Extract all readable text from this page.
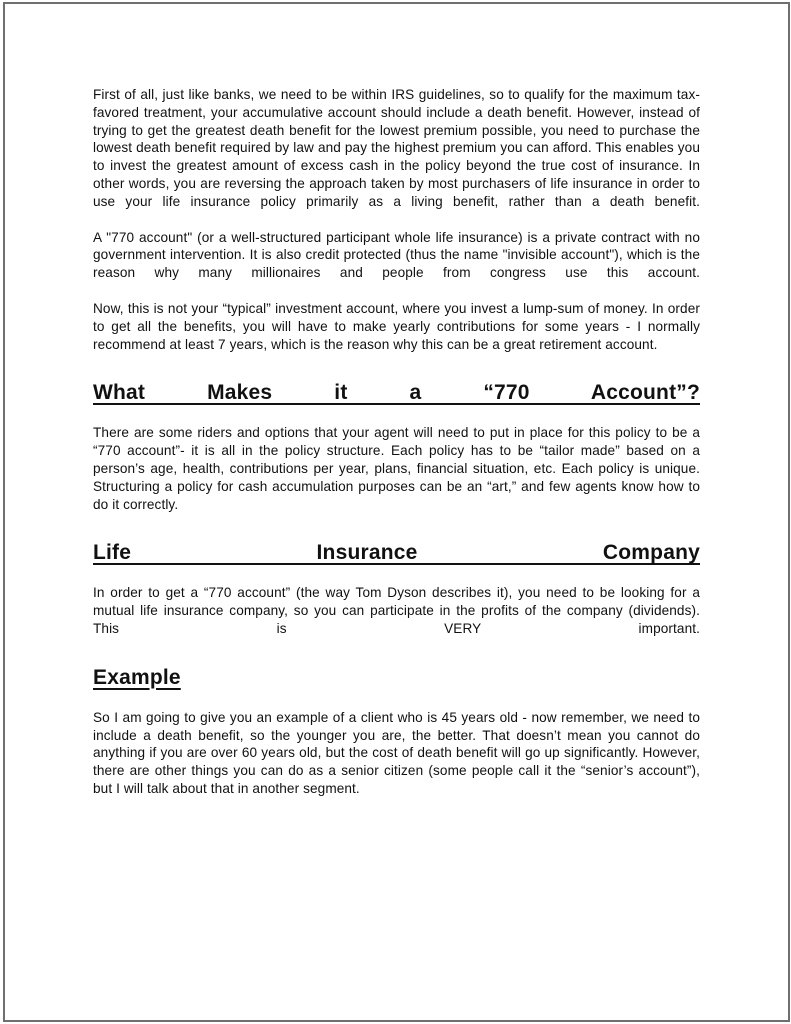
First of all, just like banks, we need to be within IRS guidelines, so to qualify for the maximum tax-favored treatment, your accumulative account should include a death benefit. However, instead of trying to get the greatest death benefit for the lowest premium possible, you need to purchase the lowest death benefit required by law and pay the highest premium you can afford. This enables you to invest the greatest amount of excess cash in the policy beyond the true cost of insurance. In other words, you are reversing the approach taken by most purchasers of life insurance in order to use your life insurance policy primarily as a living benefit, rather than a death benefit.

A "770 account" (or a well-structured participant whole life insurance) is a private contract with no government intervention. It is also credit protected (thus the name "invisible account"), which is the reason why many millionaires and people from congress use this account.

Now, this is not your “typical” investment account, where you invest a lump-sum of money. In order to get all the benefits, you will have to make yearly contributions for some years - I normally recommend at least 7 years, which is the reason why this can be a great retirement account.

What Makes it a “770 Account”?

There are some riders and options that your agent will need to put in place for this policy to be a “770 account”- it is all in the policy structure. Each policy has to be “tailor made” based on a person’s age, health, contributions per year, plans, financial situation, etc. Each policy is unique. Structuring a policy for cash accumulation purposes can be an “art,” and few agents know how to do it correctly.

Life Insurance Company

In order to get a “770 account” (the way Tom Dyson describes it), you need to be looking for a mutual life insurance company, so you can participate in the profits of the company (dividends). This is VERY important.

Example

So I am going to give you an example of a client who is 45 years old - now remember, we need to include a death benefit, so the younger you are, the better. That doesn’t mean you cannot do anything if you are over 60 years old, but the cost of death benefit will go up significantly. However, there are other things you can do as a senior citizen (some people call it the “senior’s account”), but I will talk about that in another segment.
